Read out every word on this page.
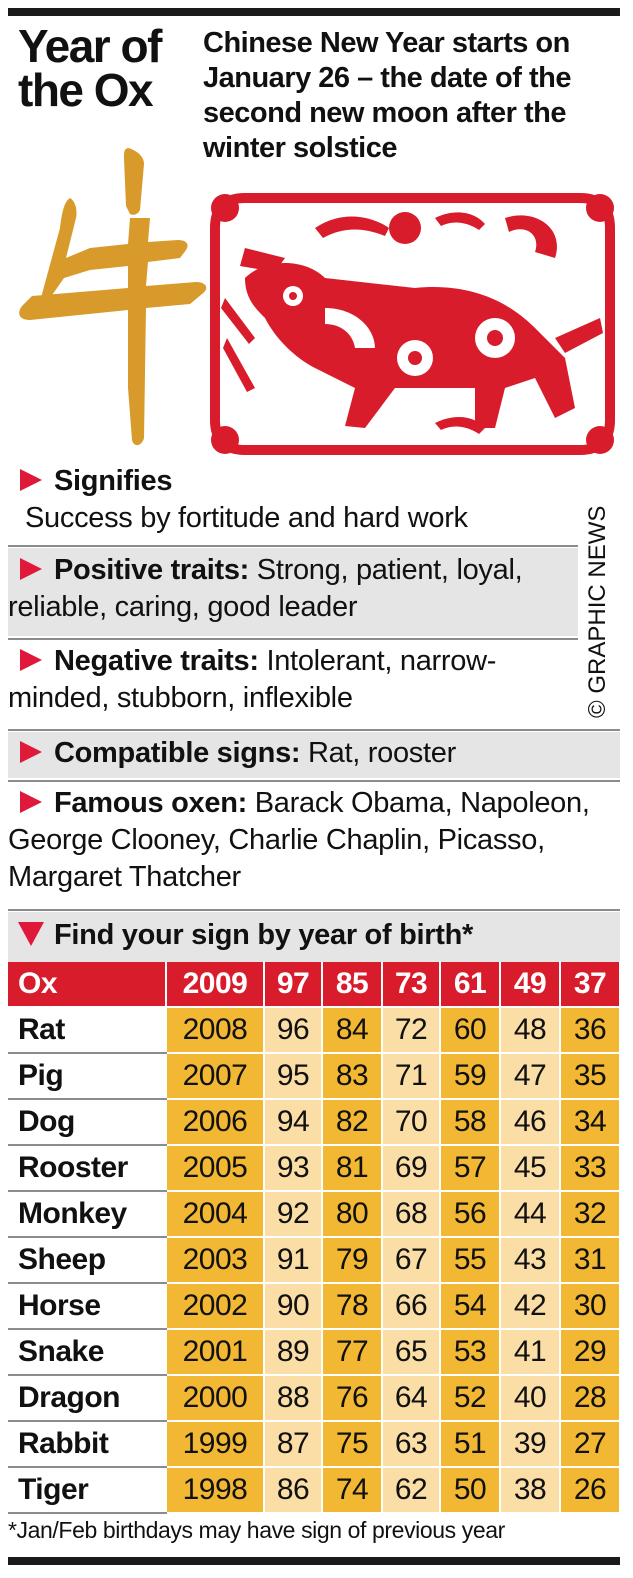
Year of
the Ox
Chinese New Year starts on January 26 – the date of the second new moon after the winter solstice
© GRAPHIC NEWS
Signifies
Success by fortitude and hard work
Positive traits: Strong, patient, loyal, reliable, caring, good leader
Negative traits: Intolerant, narrow-minded, stubborn, inflexible
Compatible signs: Rat, rooster
Famous oxen: Barack Obama, Napoleon, George Clooney, Charlie Chaplin, Picasso, Margaret Thatcher
Find your sign by year of birth*
Ox	2009	97	85	73	61	49	37
Rat	2008	96	84	72	60	48	36
Pig	2007	95	83	71	59	47	35
Dog	2006	94	82	70	58	46	34
Rooster	2005	93	81	69	57	45	33
Monkey	2004	92	80	68	56	44	32
Sheep	2003	91	79	67	55	43	31
Horse	2002	90	78	66	54	42	30
Snake	2001	89	77	65	53	41	29
Dragon	2000	88	76	64	52	40	28
Rabbit	1999	87	75	63	51	39	27
Tiger	1998	86	74	62	50	38	26
*Jan/Feb birthdays may have sign of previous year
